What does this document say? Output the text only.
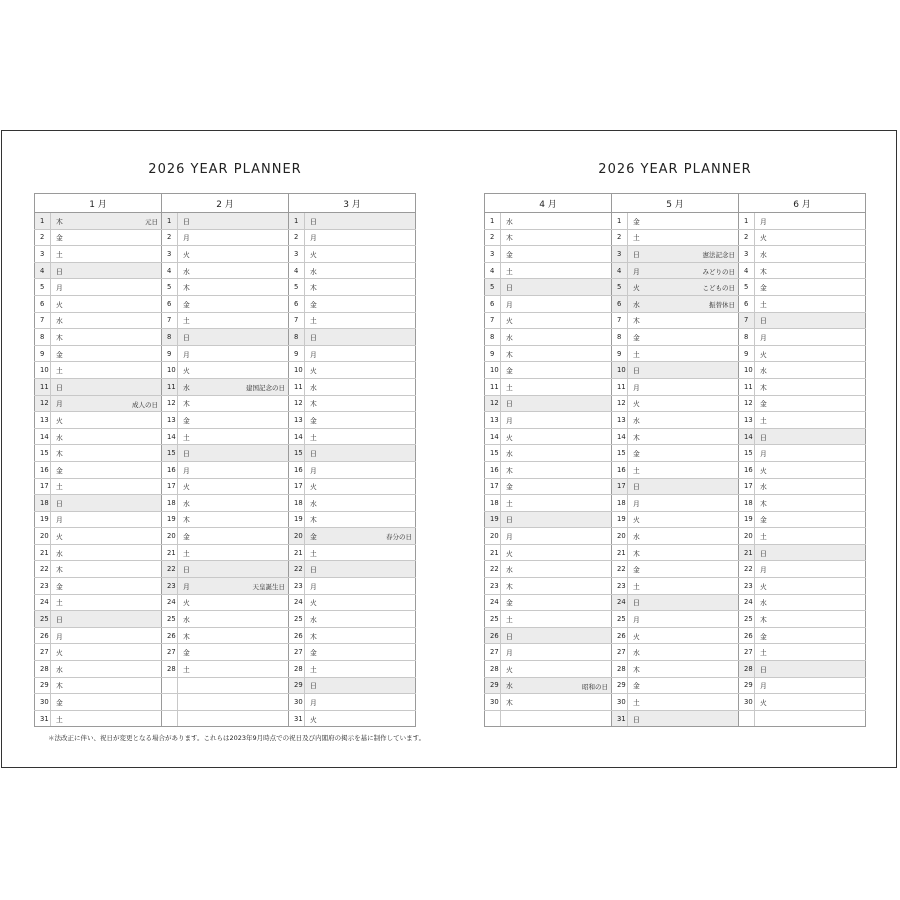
2026 YEAR PLANNER	2026 YEAR PLANNER
1 月		2 月		3 月	
1	木 元日	1	日	1	日
2	金	2	月	2	月
3	土	3	火	3	火
4	日	4	水	4	水
5	月	5	木	5	木
6	火	6	金	6	金
7	水	7	土	7	土
8	木	8	日	8	日
9	金	9	月	9	月
10	土	10	火	10	火
11	日	11	水 建国記念の日	11	水
12	月 成人の日	12	木	12	木
13	火	13	金	13	金
14	水	14	土	14	土
15	木	15	日	15	日
16	金	16	月	16	月
17	土	17	火	17	火
18	日	18	水	18	水
19	月	19	木	19	木
20	火	20	金	20	金 春分の日

21	水	21	土	21	土
22	木	22	日	22	日
23	金	23	月 天皇誕生日	23	月
24	土	24	火	24	火
25	日	25	水	25	水
26	月	26	木	26	木
27	火	27	金	27	金
28	水	28	土	28	土
29	木			29	日
30	金			30	月
31	土			31	火
4 月		5 月		6 月	
1	水	1	金	1	月
2	木	2	土	2	火
3	金	3	日 憲法記念日	3	水
4	土	4	月 みどりの日	4	木
5	日	5	火 こどもの日	5	金
6	月	6	水 振替休日	6	土
7	火	7	木	7	日
8	水	8	金	8	月
9	木	9	土	9	火
10	金	10	日	10	水
11	土	11	月	11	木
12	日	12	火	12	金
13	月	13	水	13	土
14	火	14	木	14	日
15	水	15	金	15	月
16	木	16	土	16	火
17	金	17	日	17	水
18	土	18	月	18	木
19	日	19	火	19	金
20	月	20	水	20	土
21	火	21	木	21	日
22	水	22	金	22	月
23	木	23	土	23	火
24	金	24	日	24	水
25	土	25	月	25	木
26	日	26	火	26	金
27	月	27	水	27	土
28	火	28	木	28	日
29	水 昭和の日	29	金	29	月
30	木	30	土	30	火
		31	日		
＊法改正に伴い、祝日が変更となる場合があります。これらは2023年9月時点での祝日及び内閣府の掲示を基に制作しています。
